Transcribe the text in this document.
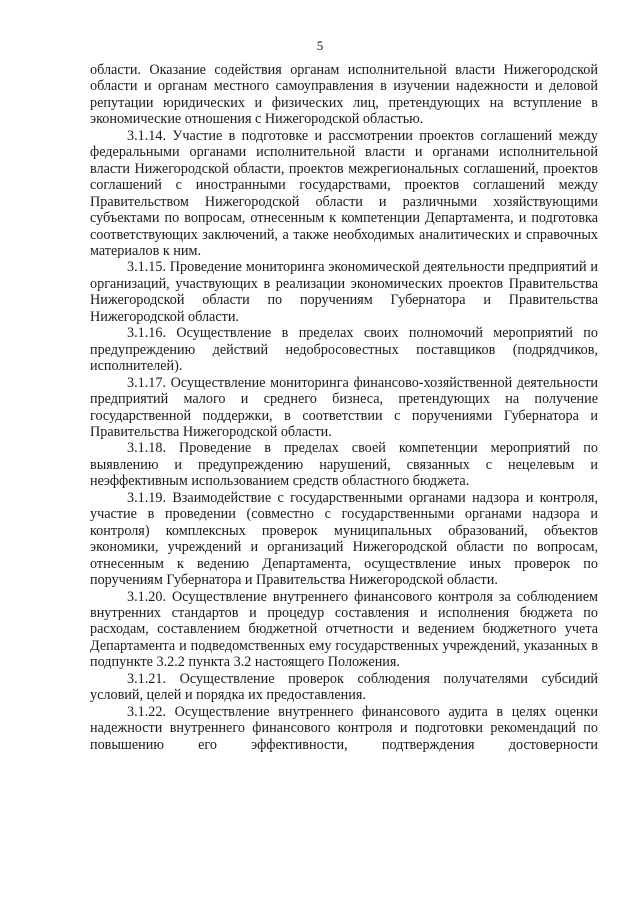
5

области. Оказание содействия органам исполнительной власти Нижегородской области и органам местного самоуправления в изучении надежности и деловой репутации юридических и физических лиц, претендующих на вступление в экономические отношения с Нижегородской областью.

3.1.14. Участие в подготовке и рассмотрении проектов соглашений между федеральными органами исполнительной власти и органами исполнительной власти Нижегородской области, проектов межрегиональных соглашений, проектов соглашений с иностранными государствами, проектов соглашений между Правительством Нижегородской области и различными хозяйствующими субъектами по вопросам, отнесенным к компетенции Департамента, и подготовка соответствующих заключений, а также необходимых аналитических и справочных материалов к ним.

3.1.15. Проведение мониторинга экономической деятельности предприятий и организаций, участвующих в реализации экономических проектов Правительства Нижегородской области по поручениям Губернатора и Правительства Нижегородской области.

3.1.16. Осуществление в пределах своих полномочий мероприятий по предупреждению действий недобросовестных поставщиков (подрядчиков, исполнителей).

3.1.17. Осуществление мониторинга финансово-хозяйственной деятельности предприятий малого и среднего бизнеса, претендующих на получение государственной поддержки, в соответствии с поручениями Губернатора и Правительства Нижегородской области.

3.1.18. Проведение в пределах своей компетенции мероприятий по выявлению и предупреждению нарушений, связанных с нецелевым и неэффективным использованием средств областного бюджета.

3.1.19. Взаимодействие с государственными органами надзора и контроля, участие в проведении (совместно с государственными органами надзора и контроля) комплексных проверок муниципальных образований, объектов экономики, учреждений и организаций Нижегородской области по вопросам, отнесенным к ведению Департамента, осуществление иных проверок по поручениям Губернатора и Правительства Нижегородской области.

3.1.20. Осуществление внутреннего финансового контроля за соблюдением внутренних стандартов и процедур составления и исполнения бюджета по расходам, составлением бюджетной отчетности и ведением бюджетного учета Департамента и подведомственных ему государственных учреждений, указанных в подпункте 3.2.2 пункта 3.2 настоящего Положения.

3.1.21. Осуществление проверок соблюдения получателями субсидий условий, целей и порядка их предоставления.

3.1.22. Осуществление внутреннего финансового аудита в целях оценки надежности внутреннего финансового контроля и подготовки рекомендаций по повышению его эффективности, подтверждения достоверности
